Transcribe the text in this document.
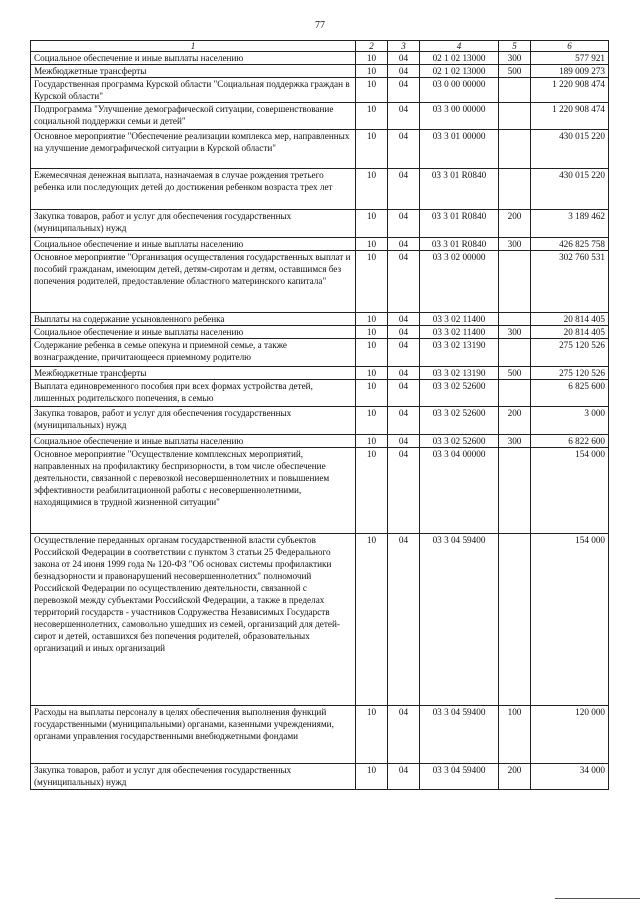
77
1	2	3	4	5	6
Социальное обеспечение и иные выплаты населению	10	04	02 1 02 13000	300	577 921
Межбюджетные трансферты	10	04	02 1 02 13000	500	189 009 273
Государственная программа Курской области "Социальная поддержка граждан в Курской области"	10	04	03 0 00 00000		1 220 908 474
Подпрограмма "Улучшение демографической ситуации, совершенствование социальной поддержки семьи и детей"	10	04	03 3 00 00000		1 220 908 474
Основное мероприятие "Обеспечение реализации комплекса мер, направленных на улучшение демографической ситуации в Курской области"	10	04	03 3 01 00000		430 015 220
Ежемесячная денежная выплата, назначаемая в случае рождения третьего ребенка или последующих детей до достижения ребенком возраста трех лет	10	04	03 3 01 R0840		430 015 220
Закупка товаров, работ и услуг для обеспечения государственных (муниципальных) нужд	10	04	03 3 01 R0840	200	3 189 462
Социальное обеспечение и иные выплаты населению	10	04	03 3 01 R0840	300	426 825 758
Основное мероприятие "Организация осуществления государственных выплат и пособий гражданам, имеющим детей, детям-сиротам и детям, оставшимся без попечения родителей, предоставление областного материнского капитала"	10	04	03 3 02 00000		302 760 531
Выплаты на содержание усыновленного ребенка	10	04	03 3 02 11400		20 814 405
Социальное обеспечение и иные выплаты населению	10	04	03 3 02 11400	300	20 814 405
Содержание ребенка в семье опекуна и приемной семье, а также вознаграждение, причитающееся приемному родителю	10	04	03 3 02 13190		275 120 526
Межбюджетные трансферты	10	04	03 3 02 13190	500	275 120 526
Выплата единовременного пособия при всех формах устройства детей, лишенных родительского попечения, в семью	10	04	03 3 02 52600		6 825 600
Закупка товаров, работ и услуг для обеспечения государственных (муниципальных) нужд	10	04	03 3 02 52600	200	3 000
Социальное обеспечение и иные выплаты населению	10	04	03 3 02 52600	300	6 822 600
Основное мероприятие "Осуществление комплексных мероприятий, направленных на профилактику беспризорности, в том числе обеспечение деятельности, связанной с перевозкой несовершеннолетних и повышением эффективности реабилитационной работы с несовершеннолетними, находящимися в трудной жизненной ситуации"	10	04	03 3 04 00000		154 000
Осуществление переданных органам государственной власти субъектов Российской Федерации в соответствии с пунктом 3 статьи 25 Федерального закона от 24 июня 1999 года № 120-ФЗ "Об основах системы профилактики безнадзорности и правонарушений несовершеннолетних" полномочий Российской Федерации по осуществлению деятельности, связанной с перевозкой между субъектами Российской Федерации, а также в пределах территорий государств - участников Содружества Независимых Государств несовершеннолетних, самовольно ушедших из семей, организаций для детей-сирот и детей, оставшихся без попечения родителей, образовательных организаций и иных организаций	10	04	03 3 04 59400		154 000
Расходы на выплаты персоналу в целях обеспечения выполнения функций государственными (муниципальными) органами, казенными учреждениями, органами управления государственными внебюджетными фондами	10	04	03 3 04 59400	100	120 000
Закупка товаров, работ и услуг для обеспечения государственных (муниципальных) нужд	10	04	03 3 04 59400	200	34 000
